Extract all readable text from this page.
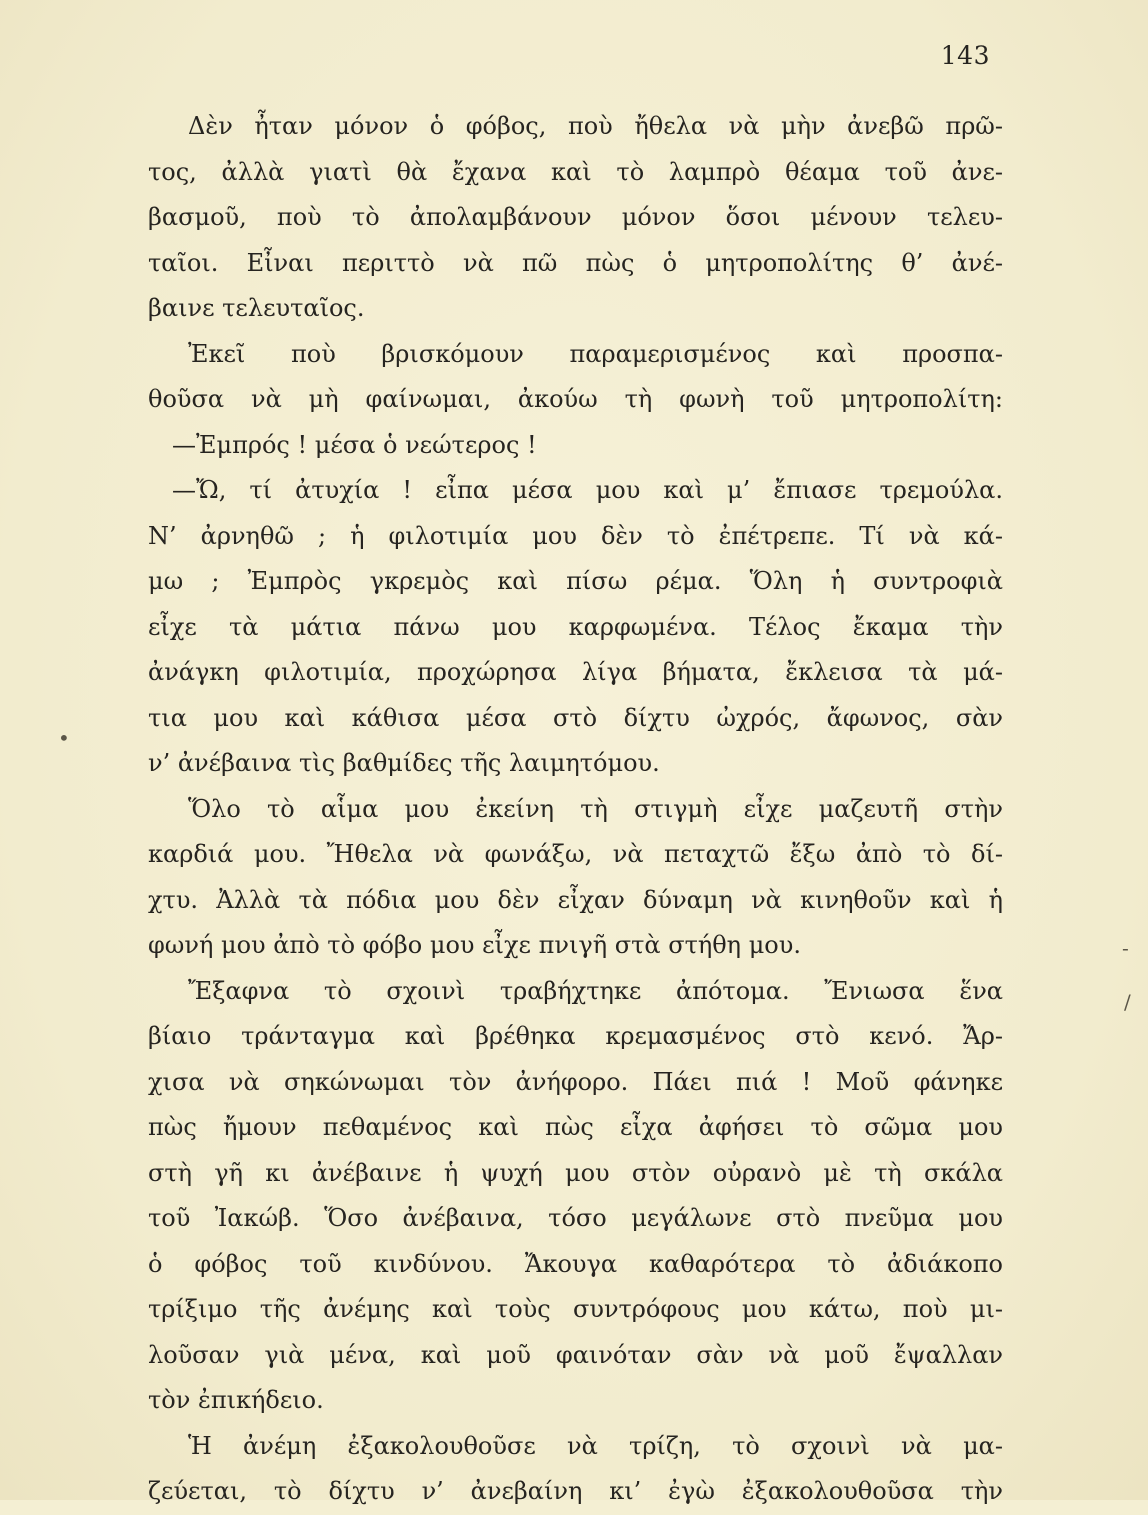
143
Δὲν ἦταν μόνον ὁ φόβος, ποὺ ἤθελα νὰ μὴν ἀνεβῶ πρῶ-
τος, ἀλλὰ γιατὶ θὰ ἔχανα καὶ τὸ λαμπρὸ θέαμα τοῦ ἀνε-
βασμοῦ, ποὺ τὸ ἀπολαμβάνουν μόνον ὅσοι μένουν τελευ-
ταῖοι. Εἶναι περιττὸ νὰ πῶ πὼς ὁ μητροπολίτης θ’ ἀνέ-
βαινε τελευταῖος.
Ἐκεῖ ποὺ βρισκόμουν παραμερισμένος καὶ προσπα-
θοῦσα νὰ μὴ φαίνωμαι, ἀκούω τὴ φωνὴ τοῦ μητροπολίτη:
—Ἐμπρός ! μέσα ὁ νεώτερος !
—Ὤ, τί ἀτυχία ! εἶπα μέσα μου καὶ μ’ ἔπιασε τρεμούλα.
Ν’ ἀρνηθῶ ; ἡ φιλοτιμία μου δὲν τὸ ἐπέτρεπε. Τί νὰ κά-
μω ; Ἐμπρὸς γκρεμὸς καὶ πίσω ρέμα. Ὅλη ἡ συντροφιὰ
εἶχε τὰ μάτια πάνω μου καρφωμένα. Τέλος ἔκαμα τὴν
ἀνάγκη φιλοτιμία, προχώρησα λίγα βήματα, ἔκλεισα τὰ μά-
τια μου καὶ κάθισα μέσα στὸ δίχτυ ὠχρός, ἄφωνος, σὰν
ν’ ἀνέβαινα τὶς βαθμίδες τῆς λαιμητόμου.
Ὅλο τὸ αἷμα μου ἐκείνη τὴ στιγμὴ εἶχε μαζευτῆ στὴν
καρδιά μου. Ἤθελα νὰ φωνάξω, νὰ πεταχτῶ ἔξω ἀπὸ τὸ δί-
χτυ. Ἀλλὰ τὰ πόδια μου δὲν εἶχαν δύναμη νὰ κινηθοῦν καὶ ἡ
φωνή μου ἀπὸ τὸ φόβο μου εἶχε πνιγῆ στὰ στήθη μου.
Ἔξαφνα τὸ σχοινὶ τραβήχτηκε ἀπότομα. Ἔνιωσα ἕνα
βίαιο τράνταγμα καὶ βρέθηκα κρεμασμένος στὸ κενό. Ἄρ-
χισα νὰ σηκώνωμαι τὸν ἀνήφορο. Πάει πιά ! Μοῦ φάνηκε
πὼς ἤμουν πεθαμένος καὶ πὼς εἶχα ἀφήσει τὸ σῶμα μου
στὴ γῆ κι ἀνέβαινε ἡ ψυχή μου στὸν οὐρανὸ μὲ τὴ σκάλα
τοῦ Ἰακώβ. Ὅσο ἀνέβαινα, τόσο μεγάλωνε στὸ πνεῦμα μου
ὁ φόβος τοῦ κινδύνου. Ἄκουγα καθαρότερα τὸ ἀδιάκοπο
τρίξιμο τῆς ἀνέμης καὶ τοὺς συντρόφους μου κάτω, ποὺ μι-
λοῦσαν γιὰ μένα, καὶ μοῦ φαινόταν σὰν νὰ μοῦ ἔψαλλαν
τὸν ἐπικήδειο.
Ἡ ἀνέμη ἐξακολουθοῦσε νὰ τρίζη, τὸ σχοινὶ νὰ μα-
ζεύεται, τὸ δίχτυ ν’ ἀνεβαίνη κι’ ἐγὼ ἐξακολουθοῦσα τὴν
•
-
/
